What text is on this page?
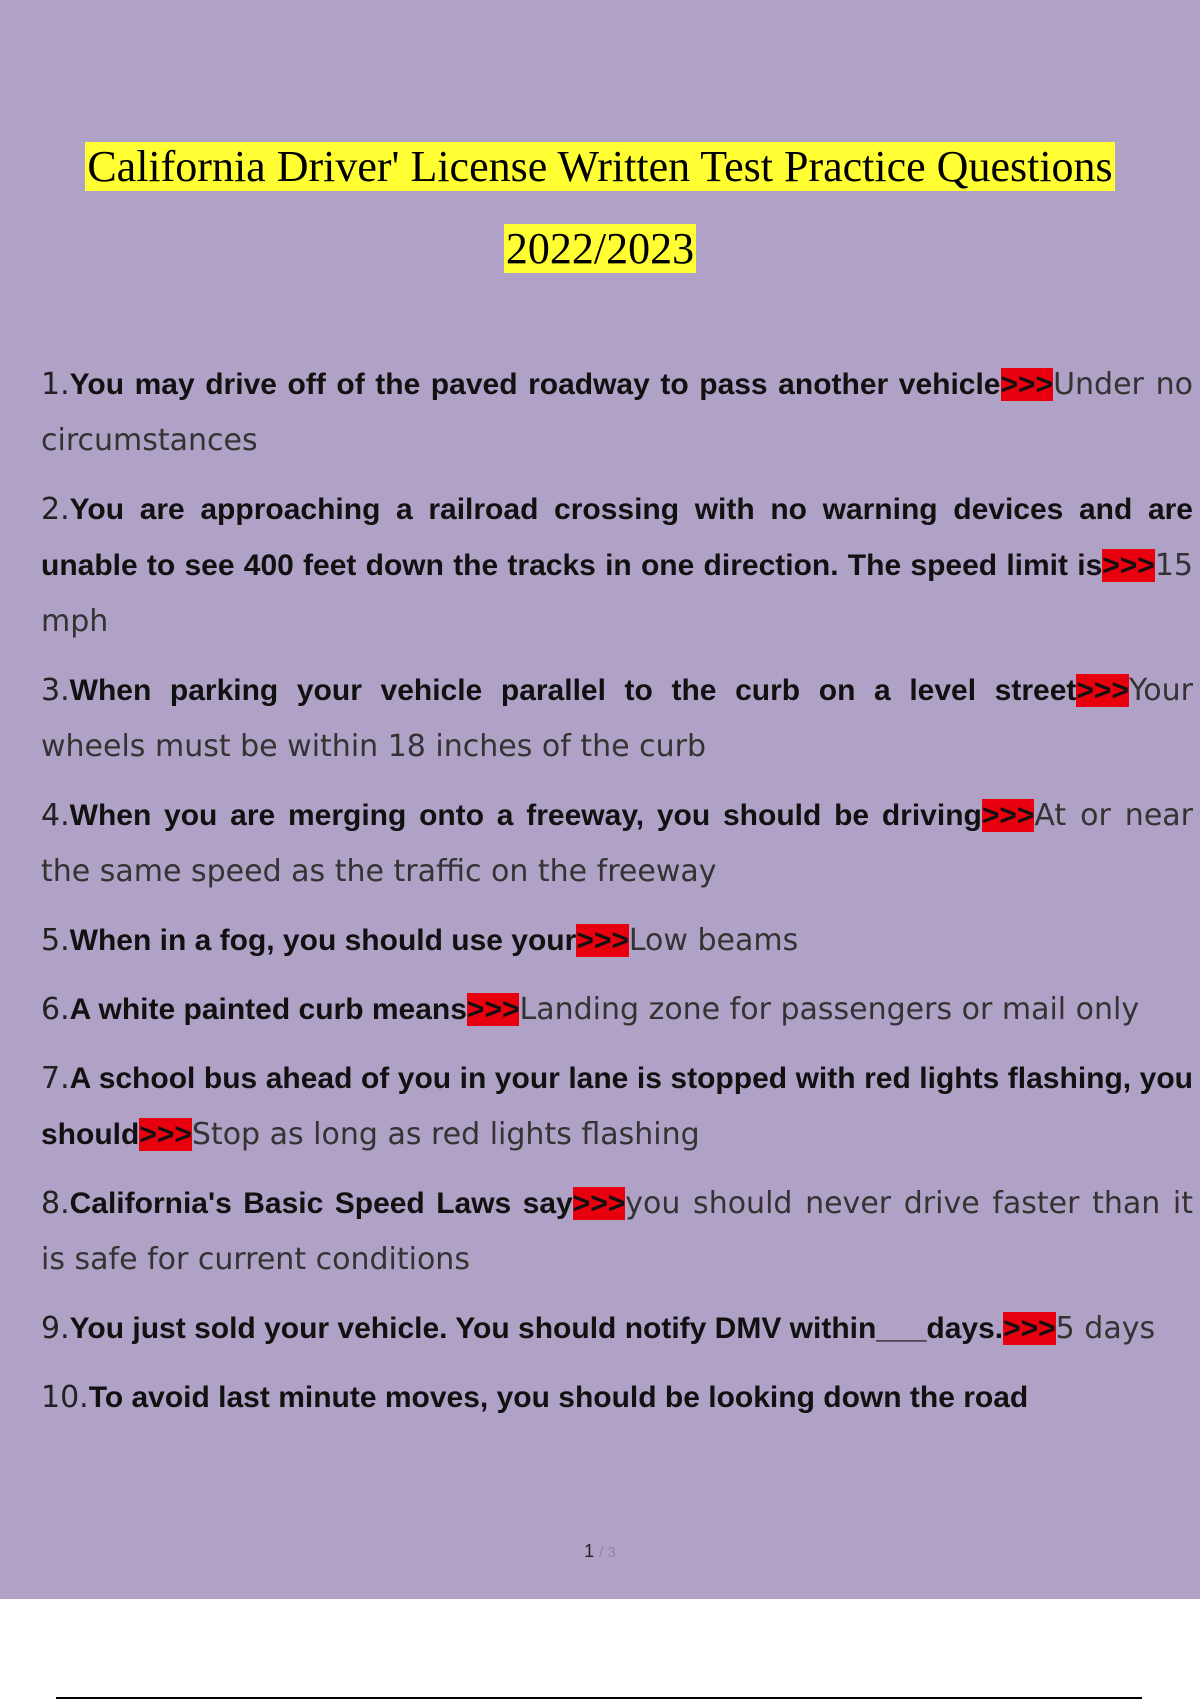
California Driver' License Written Test Practice Questions
2022/2023

1.You may drive off of the paved roadway to pass another vehicle>>>Under no circumstances

2.You are approaching a railroad crossing with no warning devices and are unable to see 400 feet down the tracks in one direction. The speed limit is>>>15 mph

3.When parking your vehicle parallel to the curb on a level street>>>Your wheels must be within 18 inches of the curb

4.When you are merging onto a freeway, you should be driving>>>At or near the same speed as the traffic on the freeway

5.When in a fog, you should use your>>>Low beams

6.A white painted curb means>>>Landing zone for passengers or mail only

7.A school bus ahead of you in your lane is stopped with red lights flashing, you should>>>Stop as long as red lights flashing

8.California's Basic Speed Laws say>>>you should never drive faster than it is safe for current conditions

9.You just sold your vehicle. You should notify DMV within___days.>>>5 days

10.To avoid last minute moves, you should be looking down the road

1 / 3
